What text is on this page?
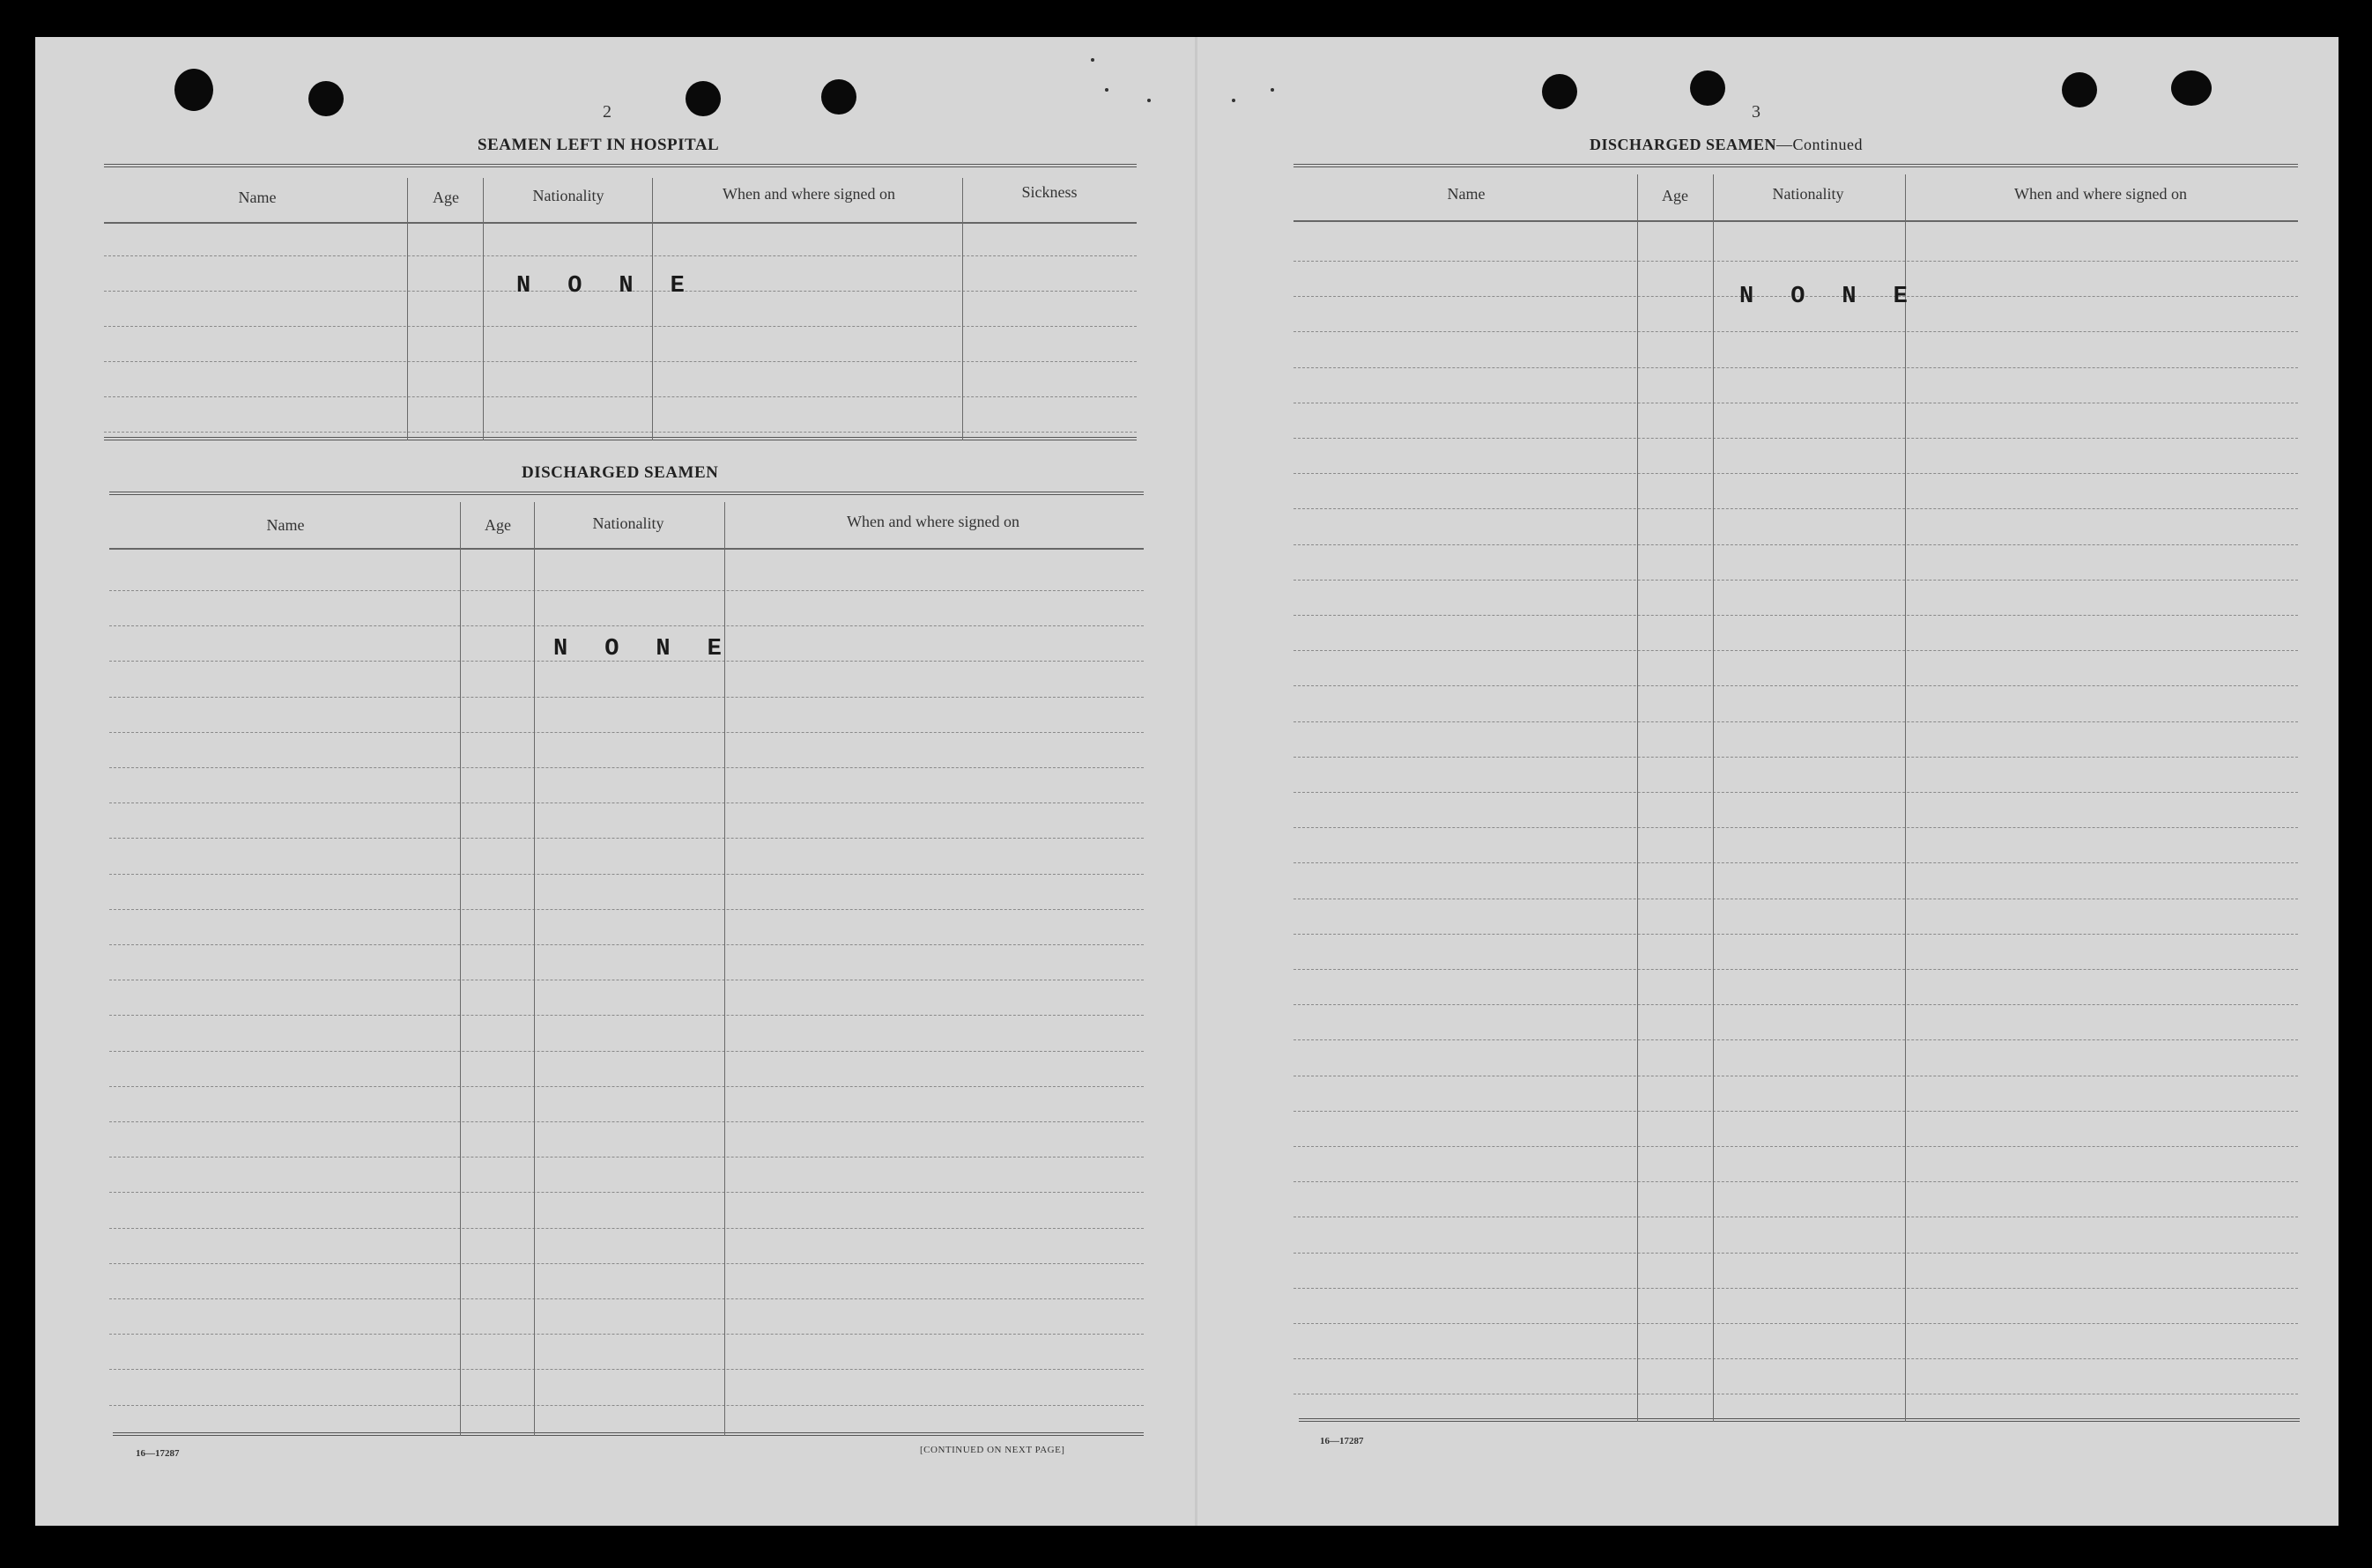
2
SEAMEN LEFT IN HOSPITAL
Name	Age	Nationality	When and where signed on	Sickness
NONE
DISCHARGED SEAMEN
Name	Age	Nationality	When and where signed on
NONE
16—17287	[CONTINUED ON NEXT PAGE]
3
DISCHARGED SEAMEN—Continued
Name	Age	Nationality	When and where signed on
NONE
16—17287
